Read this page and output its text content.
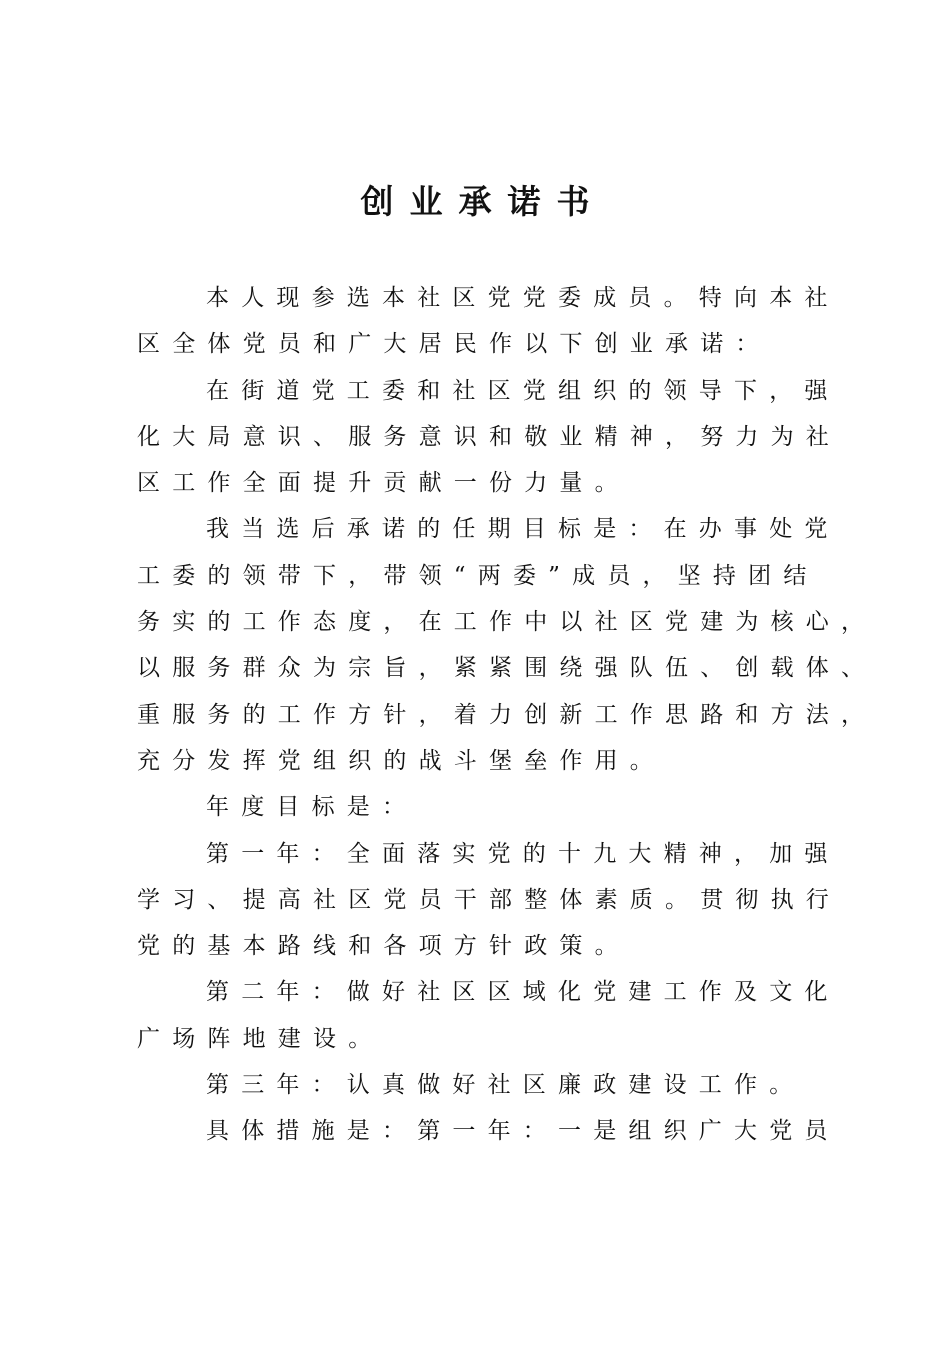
创业承诺书
本人现参选本社区党党委成员。特向本社
区全体党员和广大居民作以下创业承诺：
在街道党工委和社区党组织的领导下，强
化大局意识、服务意识和敬业精神，努力为社
区工作全面提升贡献一份力量。
我当选后承诺的任期目标是：在办事处党
工委的领带下，带领“两委”成员，坚持团结
务实的工作态度，在工作中以社区党建为核心，
以服务群众为宗旨，紧紧围绕强队伍、创载体、
重服务的工作方针，着力创新工作思路和方法，
充分发挥党组织的战斗堡垒作用。
年度目标是：
第一年：全面落实党的十九大精神，加强
学习、提高社区党员干部整体素质。贯彻执行
党的基本路线和各项方针政策。
第二年：做好社区区域化党建工作及文化
广场阵地建设。
第三年：认真做好社区廉政建设工作。
具体措施是：第一年：一是组织广大党员
